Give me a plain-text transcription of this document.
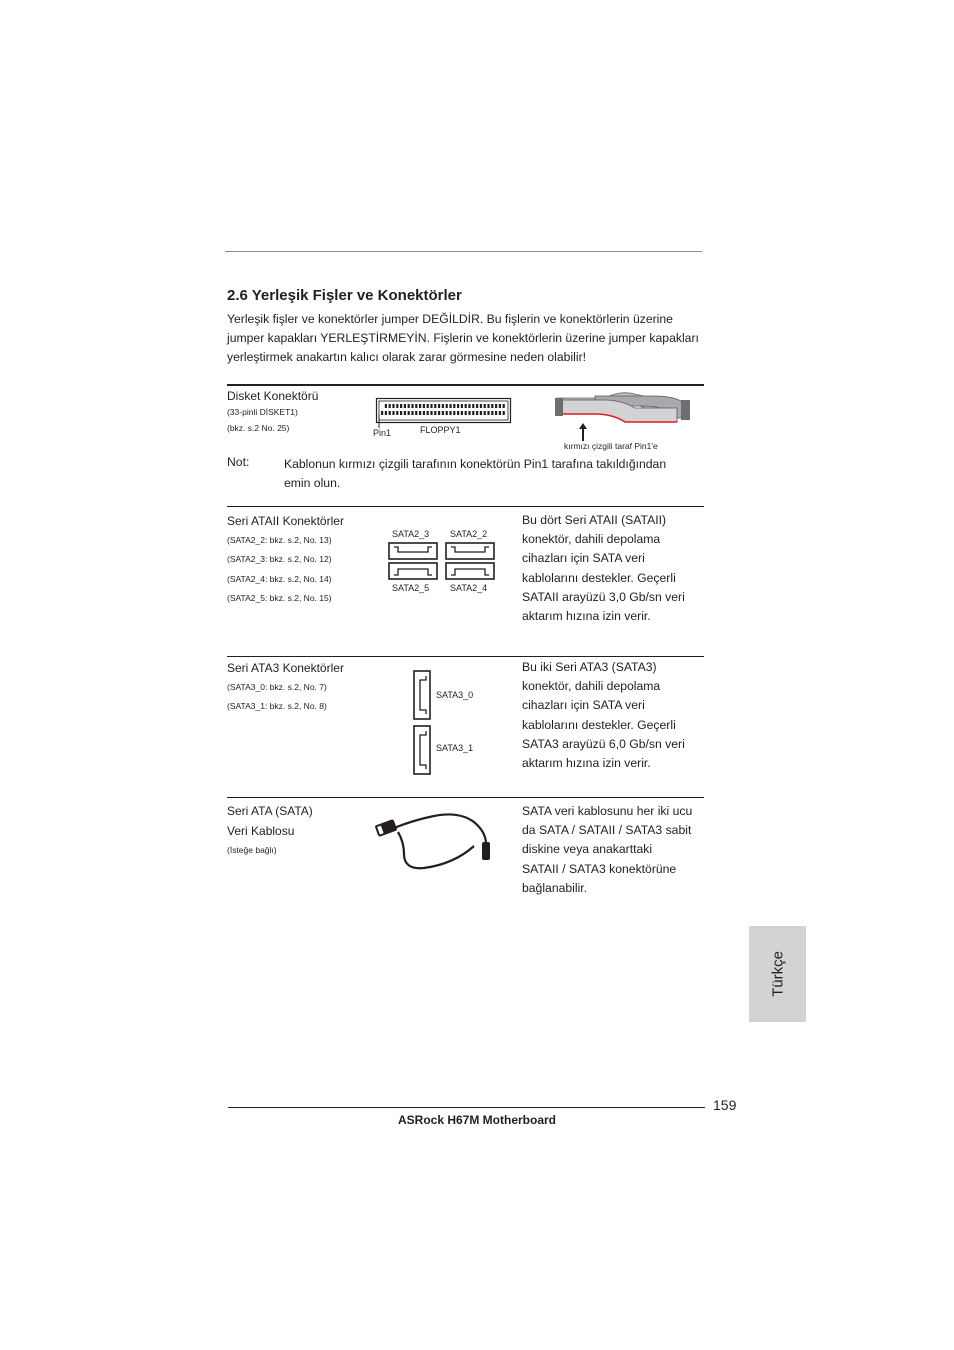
2.6 Yerleşik Fişler ve Konektörler
Yerleşik fişler ve konektörler jumper DEĞİLDİR. Bu fişlerin ve konektörlerin üzerine jumper kapakları YERLEŞTİRMEYİN. Fişlerin ve konektörlerin üzerine jumper kapakları yerleştirmek anakartın kalıcı olarak zarar görmesine neden olabilir!
Disket Konektörü
(33-pinli DİSKET1)
(bkz. s.2 No. 25)	Pin1	FLOPPY1
kırmızı çizgili taraf Pin1'e
Not:	Kablonun kırmızı çizgili tarafının konektörün Pin1 tarafına takıldığından emin olun.
Seri ATAII Konektörler
(SATA2_2: bkz. s.2, No. 13)
(SATA2_3: bkz. s.2, No. 12)
(SATA2_4: bkz. s.2, No. 14)
(SATA2_5: bkz. s.2, No. 15)
SATA2_3 SATA2_2
SATA2_5 SATA2_4
Bu dört Seri ATAII (SATAII)
konektör, dahili depolama
cihazları için SATA veri
kablolarını destekler. Geçerli
SATAII arayüzü 3,0 Gb/sn veri
aktarım hızına izin verir.
Seri ATA3 Konektörler
(SATA3_0: bkz. s.2, No. 7)
(SATA3_1: bkz. s.2, No. 8)
SATA3_0
SATA3_1
Bu iki Seri ATA3 (SATA3)
konektör, dahili depolama
cihazları için SATA veri
kablolarını destekler. Geçerli
SATA3 arayüzü 6,0 Gb/sn veri
aktarım hızına izin verir.
Seri ATA (SATA)
Veri Kablosu
(İsteğe bağlı)
SATA veri kablosunu her iki ucu
da SATA / SATAII / SATA3 sabit
diskine veya anakarttaki
SATAII / SATA3 konektörüne
bağlanabilir.
Türkçe
159
ASRock H67M Motherboard
